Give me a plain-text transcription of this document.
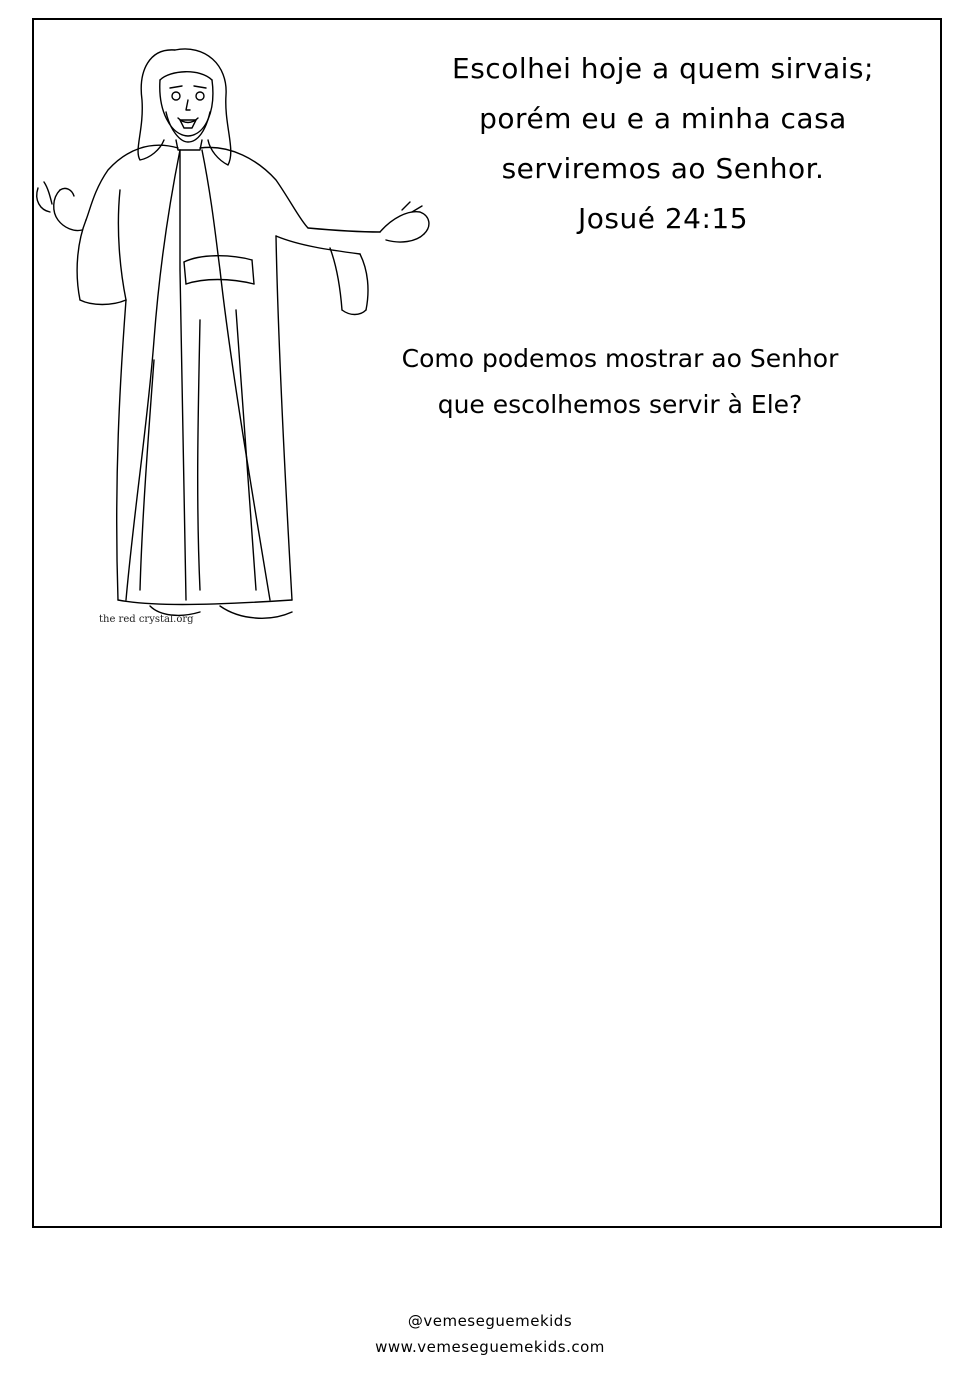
the red crystal.org
Escolhei hoje a quem sirvais;
porém eu e a minha casa
serviremos ao Senhor.
Josué 24:15
Como podemos mostrar ao Senhor
que escolhemos servir à Ele?
@vemeseguemekids
www.vemeseguemekids.com
